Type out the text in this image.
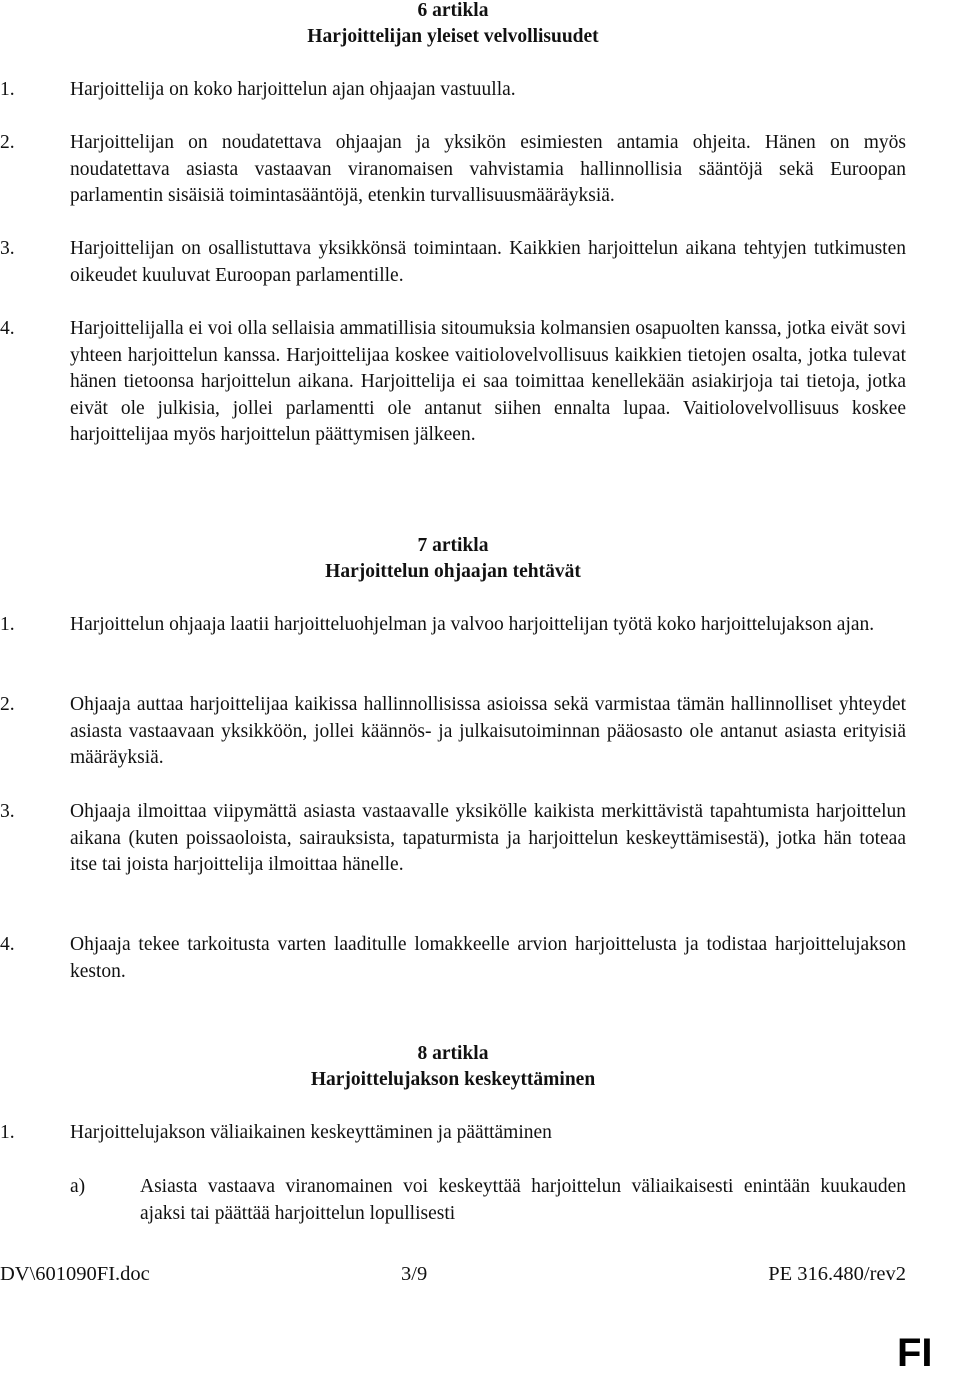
6 artikla
Harjoittelijan yleiset velvollisuudet
1.	Harjoittelija on koko harjoittelun ajan ohjaajan vastuulla.
2.	Harjoittelijan on noudatettava ohjaajan ja yksikön esimiesten antamia ohjeita. Hänen on myös noudatettava asiasta vastaavan viranomaisen vahvistamia hallinnollisia sääntöjä sekä Euroopan parlamentin sisäisiä toimintasääntöjä, etenkin turvallisuusmääräyksiä.
3.	Harjoittelijan on osallistuttava yksikkönsä toimintaan. Kaikkien harjoittelun aikana tehtyjen tutkimusten oikeudet kuuluvat Euroopan parlamentille.
4.	Harjoittelijalla ei voi olla sellaisia ammatillisia sitoumuksia kolmansien osapuolten kanssa, jotka eivät sovi yhteen harjoittelun kanssa. Harjoittelijaa koskee vaitiolovelvollisuus kaikkien tietojen osalta, jotka tulevat hänen tietoonsa harjoittelun aikana. Harjoittelija ei saa toimittaa kenellekään asiakirjoja tai tietoja, jotka eivät ole julkisia, jollei parlamentti ole antanut siihen ennalta lupaa. Vaitiolovelvollisuus koskee harjoittelijaa myös harjoittelun päättymisen jälkeen.
7 artikla
Harjoittelun ohjaajan tehtävät
1.	Harjoittelun ohjaaja laatii harjoitteluohjelman ja valvoo harjoittelijan työtä koko harjoittelujakson ajan.
2.	Ohjaaja auttaa harjoittelijaa kaikissa hallinnollisissa asioissa sekä varmistaa tämän hallinnolliset yhteydet asiasta vastaavaan yksikköön, jollei käännös- ja julkaisutoiminnan pääosasto ole antanut asiasta erityisiä määräyksiä.
3.	Ohjaaja ilmoittaa viipymättä asiasta vastaavalle yksikölle kaikista merkittävistä tapahtumista harjoittelun aikana (kuten poissaoloista, sairauksista, tapaturmista ja harjoittelun keskeyttämisestä), jotka hän toteaa itse tai joista harjoittelija ilmoittaa hänelle.
4.	Ohjaaja tekee tarkoitusta varten laaditulle lomakkeelle arvion harjoittelusta ja todistaa harjoittelujakson keston.
8 artikla
Harjoittelujakson keskeyttäminen
1.	Harjoittelujakson väliaikainen keskeyttäminen ja päättäminen
a)	Asiasta vastaava viranomainen voi keskeyttää harjoittelun väliaikaisesti enintään kuukauden ajaksi tai päättää harjoittelun lopullisesti
DV\601090FI.doc	3/9	PE 316.480/rev2
FI
